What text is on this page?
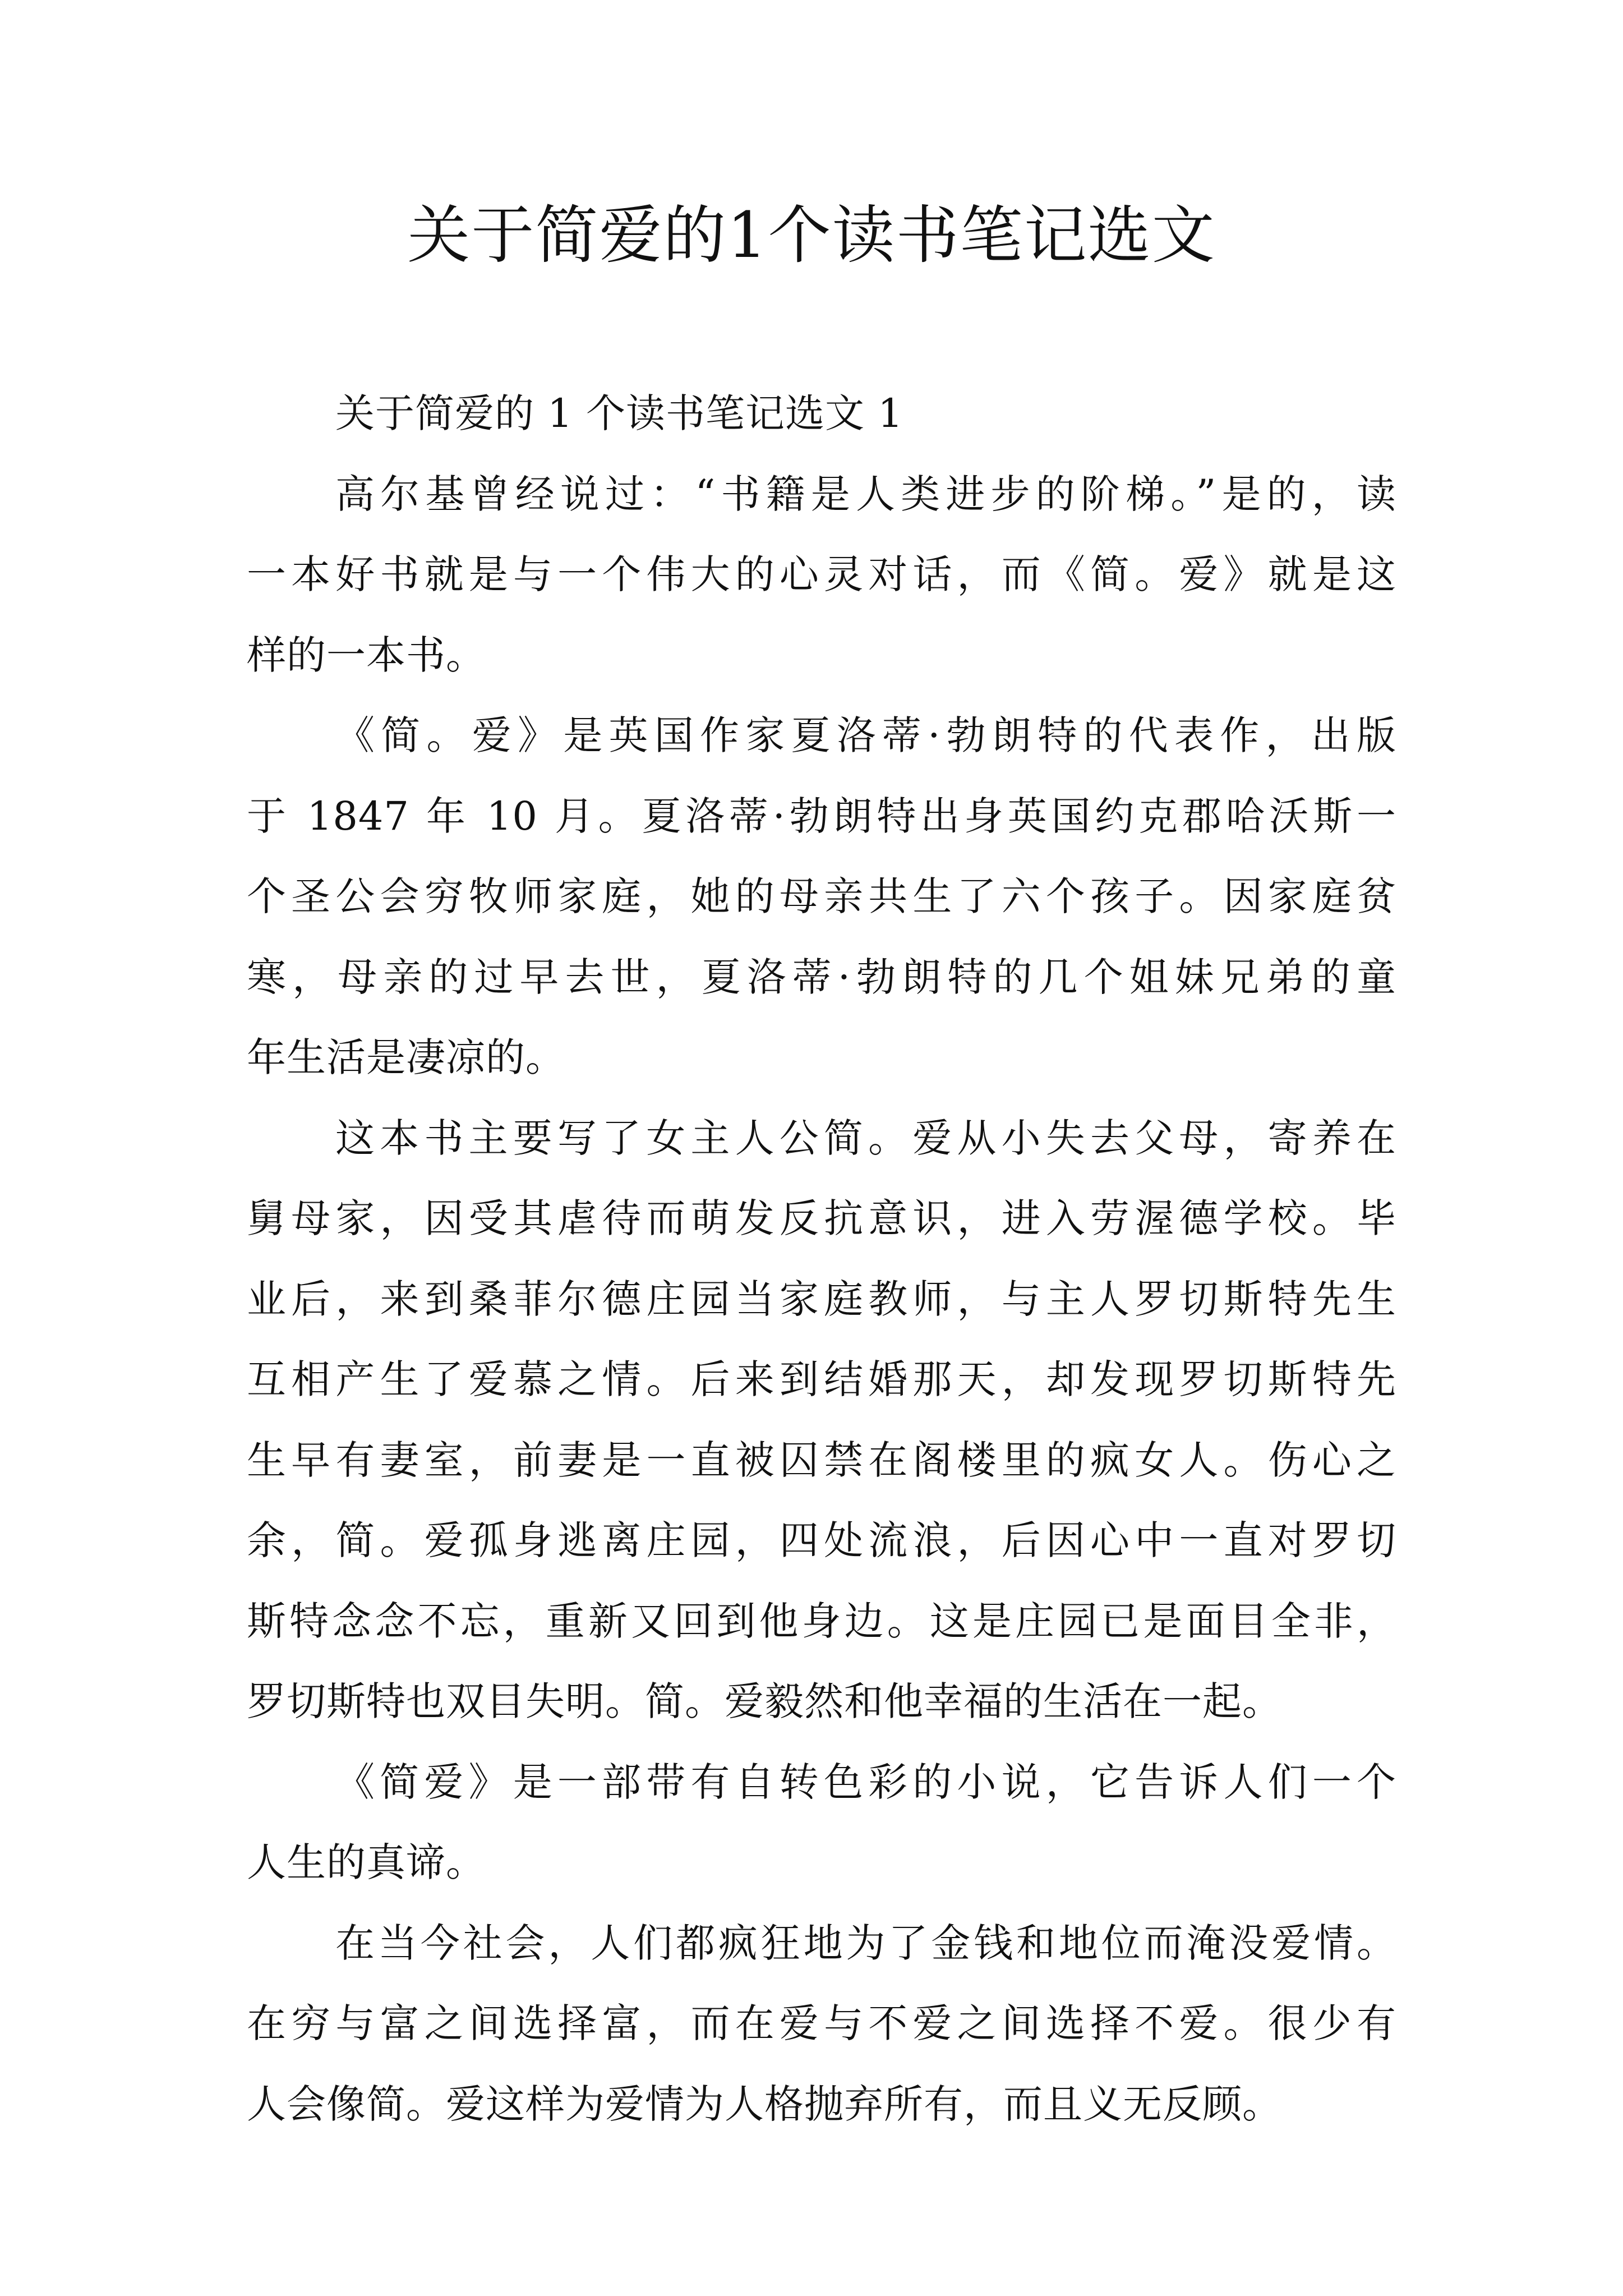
关于简爱的1个读书笔记选文
关于简爱的 1 个读书笔记选文 1
高尔基曾经说过：“书籍是人类进步的阶梯。”是的，读
一本好书就是与一个伟大的心灵对话，而《简。爱》就是这
样的一本书。
《简。爱》是英国作家夏洛蒂·勃朗特的代表作，出版
于 1847 年 10 月。夏洛蒂·勃朗特出身英国约克郡哈沃斯一
个圣公会穷牧师家庭，她的母亲共生了六个孩子。因家庭贫
寒，母亲的过早去世，夏洛蒂·勃朗特的几个姐妹兄弟的童
年生活是凄凉的。
这本书主要写了女主人公简。爱从小失去父母，寄养在
舅母家，因受其虐待而萌发反抗意识，进入劳渥德学校。毕
业后，来到桑菲尔德庄园当家庭教师，与主人罗切斯特先生
互相产生了爱慕之情。后来到结婚那天，却发现罗切斯特先
生早有妻室，前妻是一直被囚禁在阁楼里的疯女人。伤心之
余，简。爱孤身逃离庄园，四处流浪，后因心中一直对罗切
斯特念念不忘，重新又回到他身边。这是庄园已是面目全非，
罗切斯特也双目失明。简。爱毅然和他幸福的生活在一起。
《简爱》是一部带有自转色彩的小说，它告诉人们一个
人生的真谛。
在当今社会，人们都疯狂地为了金钱和地位而淹没爱情。
在穷与富之间选择富，而在爱与不爱之间选择不爱。很少有
人会像简。爱这样为爱情为人格抛弃所有，而且义无反顾。
